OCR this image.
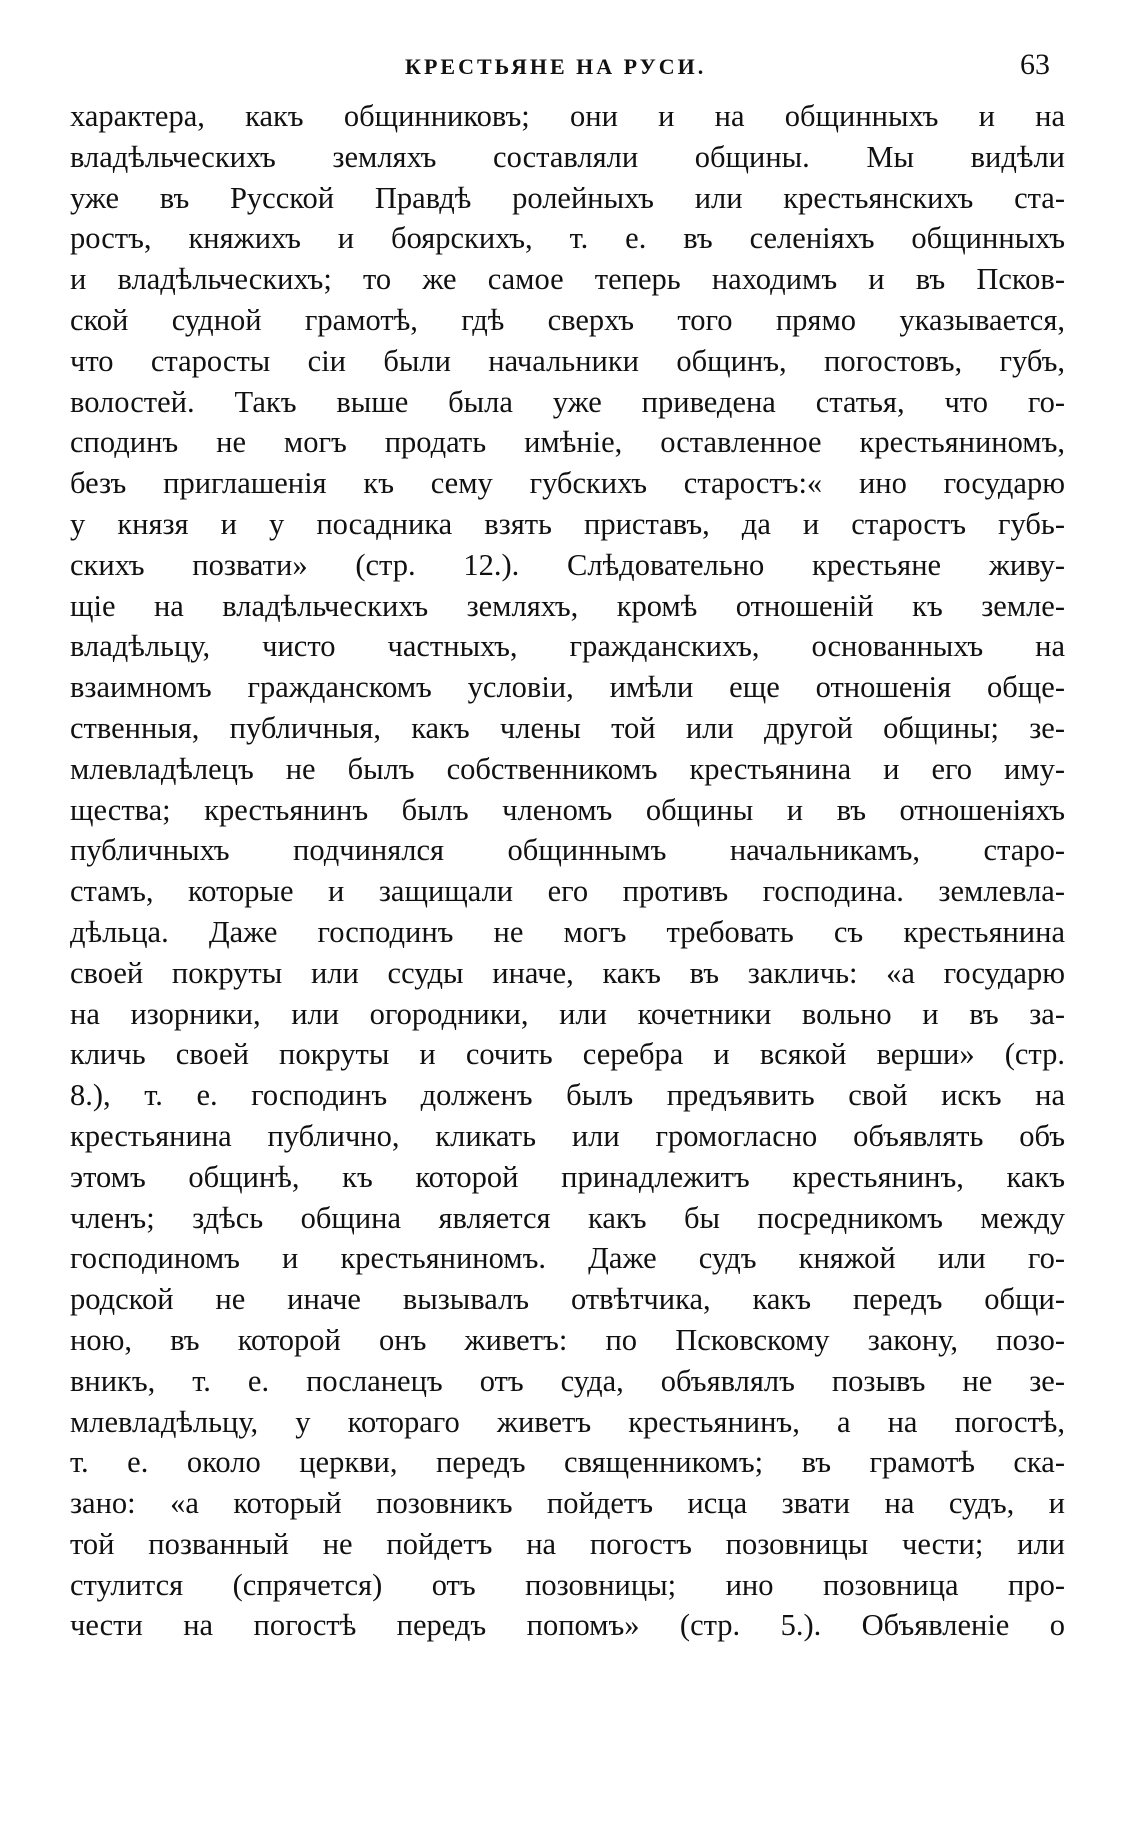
КРЕСТЬЯНЕ НА РУСИ.	63
характера, какъ общинниковъ; они и на общинныхъ и на
владѣльческихъ земляхъ составляли общины. Мы видѣли
уже въ Русской Правдѣ ролейныхъ или крестьянскихъ ста-
ростъ, княжихъ и боярскихъ, т. е. въ селеніяхъ общинныхъ
и владѣльческихъ; то же самое теперь находимъ и въ Псков-
ской судной грамотѣ, гдѣ сверхъ того прямо указывается,
что старосты сіи были начальники общинъ, погостовъ, губъ,
волостей. Такъ выше была уже приведена статья, что го-
сподинъ не могъ продать имѣніе, оставленное крестьяниномъ,
безъ приглашенія къ сему губскихъ старостъ:« ино государю
у князя и у посадника взять приставъ, да и старостъ губь-
скихъ позвати» (стр. 12.). Слѣдовательно крестьяне живу-
щіе на владѣльческихъ земляхъ, кромѣ отношеній къ земле-
владѣльцу, чисто частныхъ, гражданскихъ, основанныхъ на
взаимномъ гражданскомъ условіи, имѣли еще отношенія обще-
ственныя, публичныя, какъ члены той или другой общины; зе-
млевладѣлецъ не былъ собственникомъ крестьянина и его иму-
щества; крестьянинъ былъ членомъ общины и въ отношеніяхъ
публичныхъ подчинялся общиннымъ начальникамъ, старо-
стамъ, которые и защищали его противъ господина. землевла-
дѣльца. Даже господинъ не могъ требовать съ крестьянина
своей покруты или ссуды иначе, какъ въ закличь: «а государю
на изорники, или огородники, или кочетники вольно и въ за-
кличь своей покруты и сочить серебра и всякой верши» (стр.
8.), т. е. господинъ долженъ былъ предъявить свой искъ на
крестьянина публично, кликать или громогласно объявлять объ
этомъ общинѣ, къ которой принадлежитъ крестьянинъ, какъ
членъ; здѣсь община является какъ бы посредникомъ между
господиномъ и крестьяниномъ. Даже судъ княжой или го-
родской не иначе вызывалъ отвѣтчика, какъ передъ общи-
ною, въ которой онъ живетъ: по Псковскому закону, позо-
вникъ, т. е. посланецъ отъ суда, объявлялъ позывъ не зе-
млевладѣльцу, у котораго живетъ крестьянинъ, а на погостѣ,
т. е. около церкви, передъ священникомъ; въ грамотѣ ска-
зано: «а который позовникъ пойдетъ исца звати на судъ, и
той позванный не пойдетъ на погостъ позовницы чести; или
стулится (спрячется) отъ позовницы; ино позовница про-
чести на погостѣ передъ попомъ» (стр. 5.). Объявленіе о
